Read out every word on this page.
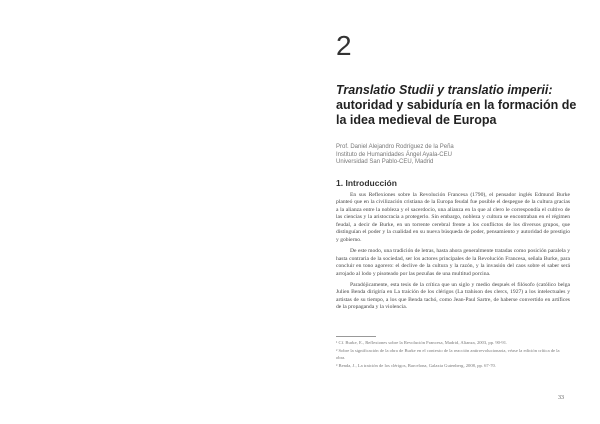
2
Translatio Studii y translatio imperii:
autoridad y sabiduría en la formación de
la idea medieval de Europa
Prof. Daniel Alejandro Rodríguez de la Peña
Instituto de Humanidades Ángel Ayala-CEU
Universidad San Pablo-CEU, Madrid
1. Introducción

En sus Reflexiones sobre la Revolución Francesa (1790), el pensador inglés Edmund Burke planteó que en la civilización cristiana de la Europa feudal fue posible el despegue de la cultura gracias a la alianza entre la nobleza y el sacerdocio, una alianza en la que al clero le correspondía el cultivo de las ciencias y la aristocracia a protegerlo. Sin embargo, nobleza y cultura se encontraban en el régimen feudal, a decir de Burke, en un torrente cerebral frente a los conflictos de los diversos grupos, que distinguían el poder y la cualidad en su nueva búsqueda de poder, pensamiento y autoridad de prestigio y gobierno.

De este modo, una tradición de letras, hasta ahora generalmente tratadas como posición paralela y hasta contraria de la sociedad, ser los actores principales de la Revolución Francesa, señala Burke, para concluir en tono agorero: el declive de la cultura y la razón, y la invasión del caos sobre el saber será arrojado al lodo y pisoteado por las pezuñas de una multitud porcina.

Paradójicamente, esta tesis de la crítica que un siglo y medio después el filósofo (católico belga Julien Benda dirigiría en La traición de los clérigos (La trahison des clercs, 1927) a los intelectuales y artistas de su tiempo, a los que Benda tachó, como Jean-Paul Sartre, de haberse convertido en artífices de la propaganda y la violencia.

¹ Cf. Burke, E., Reflexiones sobre la Revolución Francesa, Madrid, Alianza, 2003, pp. 90-91.
² Sobre la significación de la obra de Burke en el contexto de la reacción antirrevolucionaria, véase la edición crítica de la obra.
³ Benda, J., La traición de los clérigos, Barcelona, Galaxia Gutenberg, 2008, pp. 67-70.
33
